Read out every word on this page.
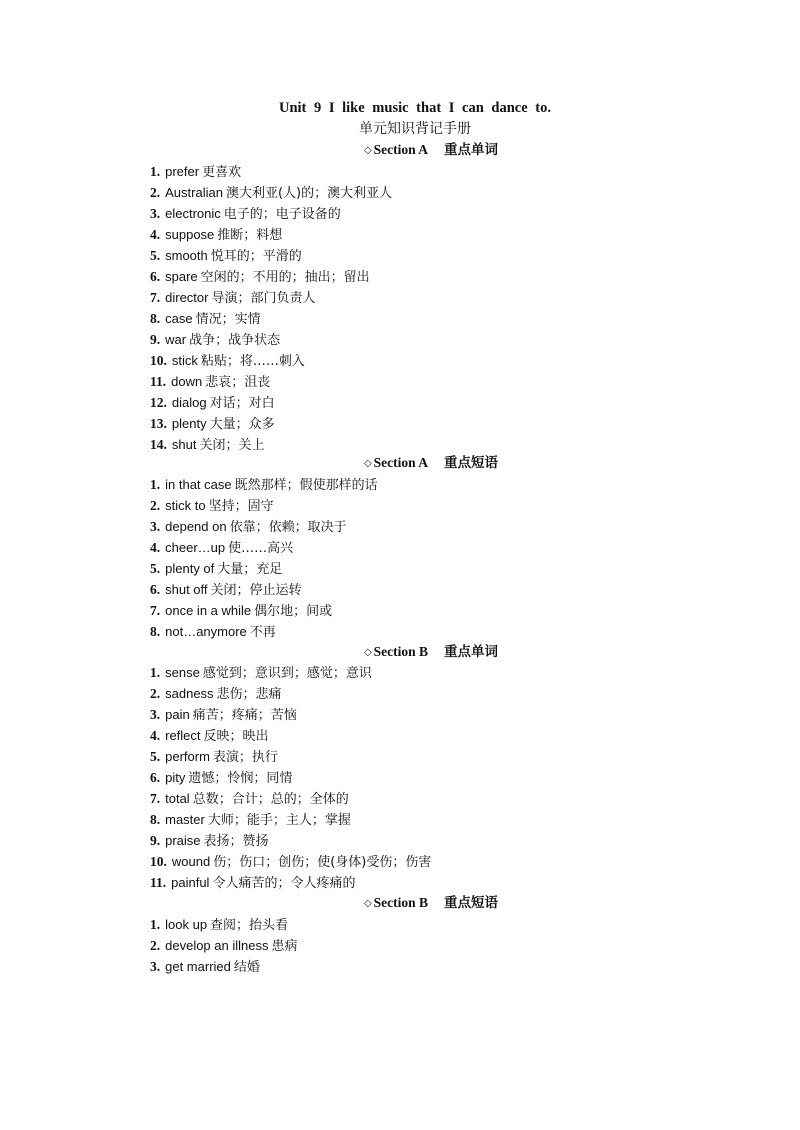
Unit 9 I like music that I can dance to.
单元知识背记手册
◇ Section A 重点单词
1. prefer 更喜欢
2. Australian 澳大利亚(人)的；澳大利亚人
3. electronic 电子的；电子设备的
4. suppose 推断；料想
5. smooth 悦耳的；平滑的
6. spare 空闲的；不用的；抽出；留出
7. director 导演；部门负责人
8. case 情况；实情
9. war 战争；战争状态
10. stick 粘贴；将……刺入
11. down 悲哀；沮丧
12. dialog 对话；对白
13. plenty 大量；众多
14. shut 关闭；关上
◇ Section A 重点短语
1. in that case 既然那样；假使那样的话
2. stick to 坚持；固守
3. depend on 依靠；依赖；取决于
4. cheer…up 使……高兴
5. plenty of 大量；充足
6. shut off 关闭；停止运转
7. once in a while 偶尔地；间或
8. not…anymore 不再
◇ Section B 重点单词
1. sense 感觉到；意识到；感觉；意识
2. sadness 悲伤；悲痛
3. pain 痛苦；疼痛；苦恼
4. reflect 反映；映出
5. perform 表演；执行
6. pity 遗憾；怜悯；同情
7. total 总数；合计；总的；全体的
8. master 大师；能手；主人；掌握
9. praise 表扬；赞扬
10. wound 伤；伤口；创伤；使(身体)受伤；伤害
11. painful 令人痛苦的；令人疼痛的
◇ Section B 重点短语
1. look up 查阅；抬头看
2. develop an illness 患病
3. get married 结婚
